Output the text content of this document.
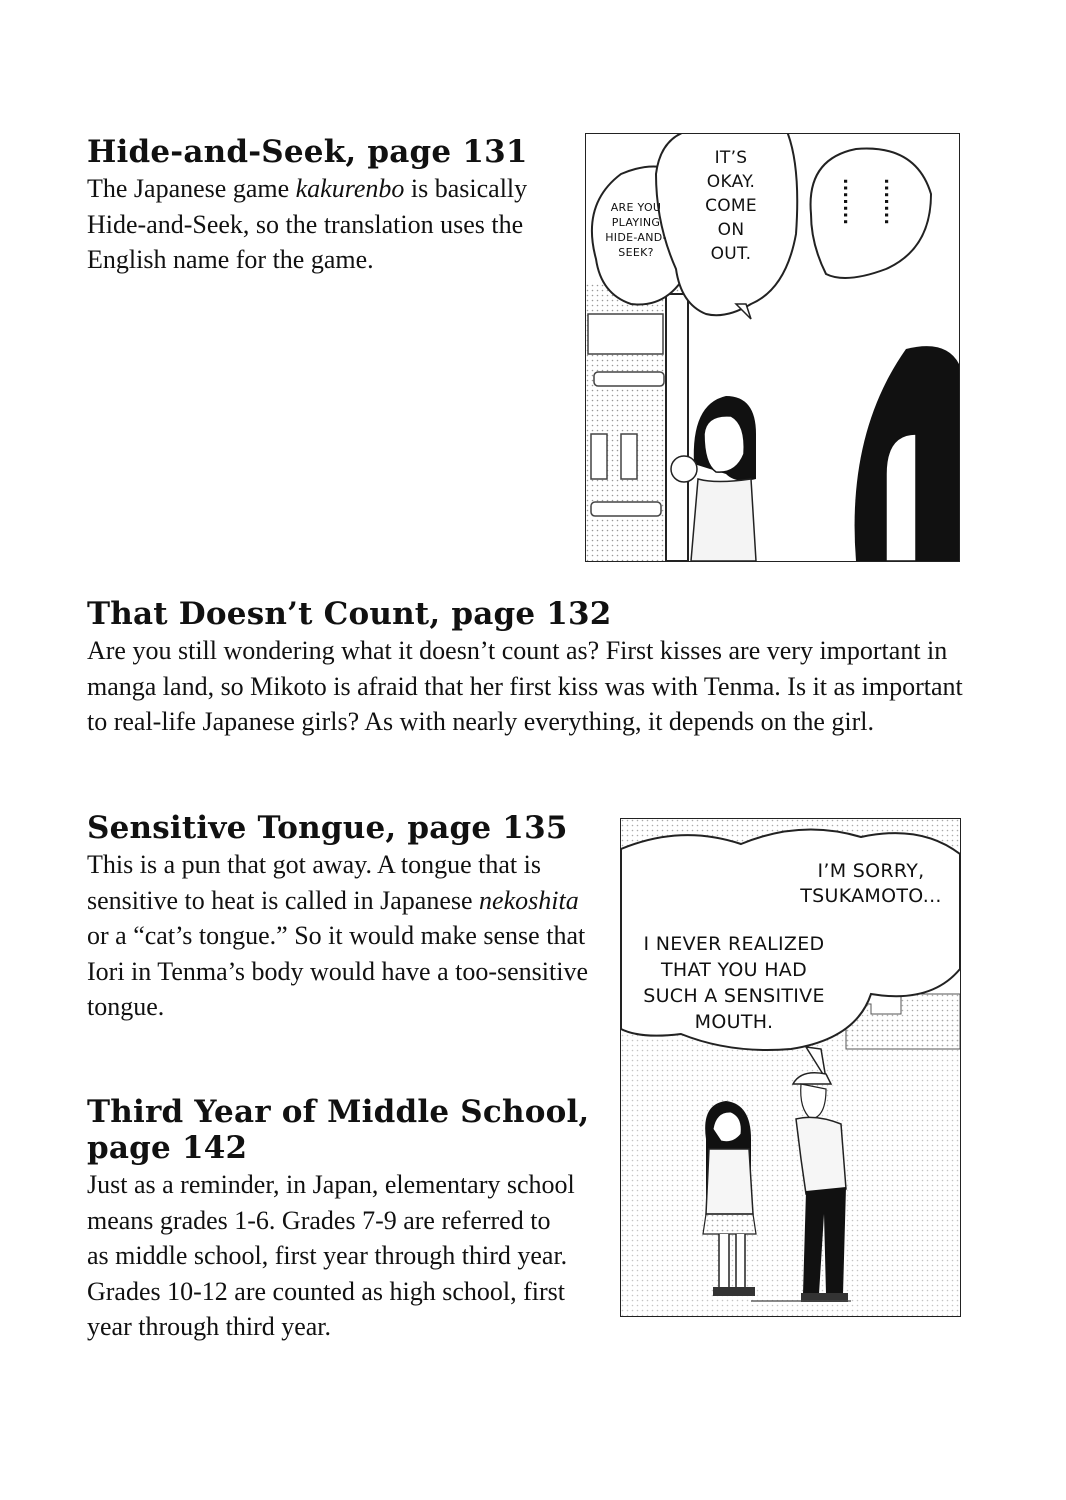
Hide-and-Seek, page 131

The Japanese game kakurenbo is basically Hide-and-Seek, so the translation uses the English name for the game.

ARE YOU
PLAYING
HIDE-AND-
SEEK?
IT’S
OKAY.
COME
ON
OUT.
....... .......
That Doesn’t Count, page 132

Are you still wondering what it doesn’t count as? First kisses are very important in manga land, so Mikoto is afraid that her first kiss was with Tenma. Is it as important to real-life Japanese girls? As with nearly everything, it depends on the girl.

Sensitive Tongue, page 135

This is a pun that got away. A tongue that is sensitive to heat is called in Japanese nekoshita or a “cat’s tongue.” So it would make sense that Iori in Tenma’s body would have a too-sensitive tongue.

I’M SORRY,
TSUKAMOTO...
I NEVER REALIZED
THAT YOU HAD
SUCH A SENSITIVE
MOUTH.
Third Year of Middle School,
page 142

Just as a reminder, in Japan, elementary school means grades 1-6. Grades 7-9 are referred to as middle school, first year through third year. Grades 10-12 are counted as high school, first year through third year.
